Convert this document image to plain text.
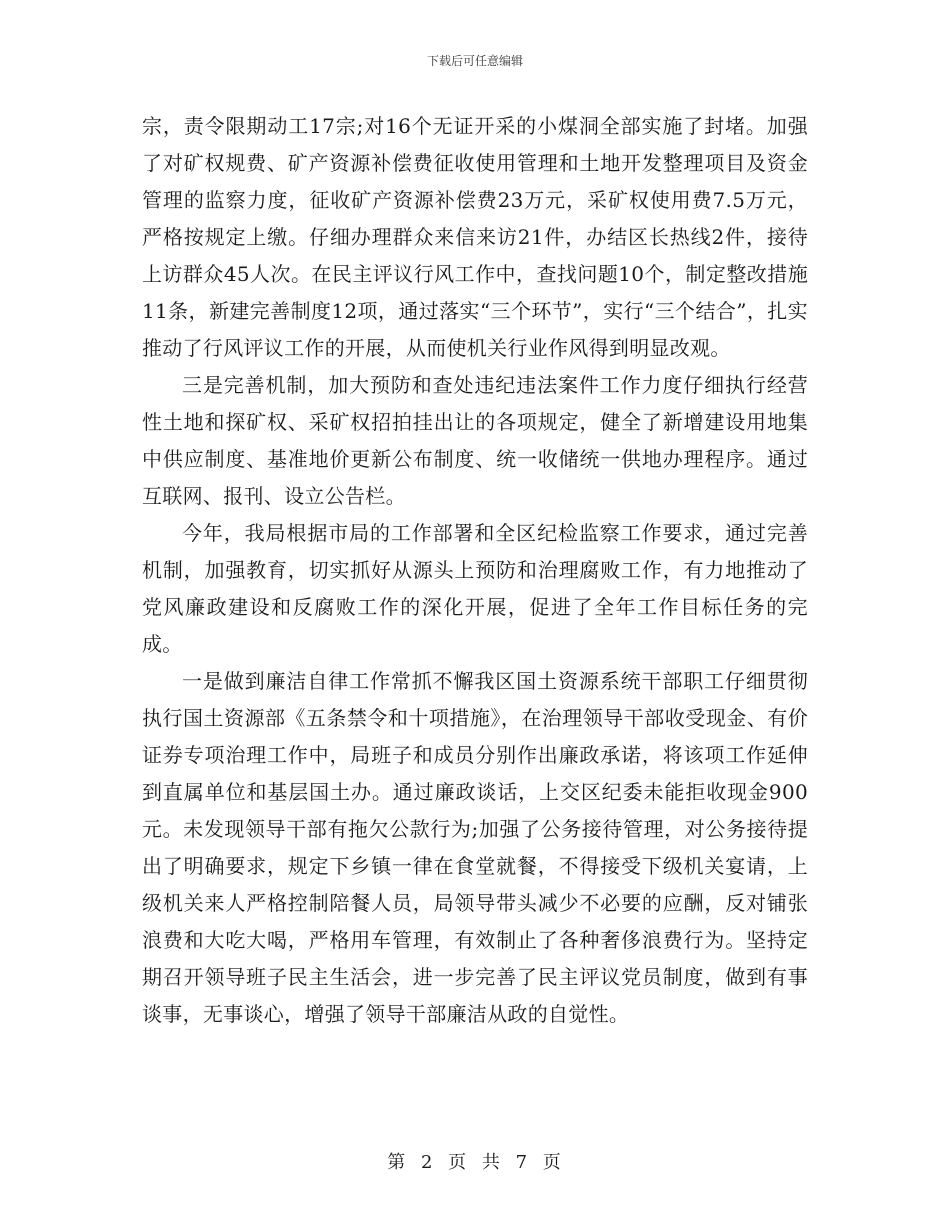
下载后可任意编辑

宗，责令限期动工17宗;对16个无证开采的小煤洞全部实施了封堵。加强了对矿权规费、矿产资源补偿费征收使用管理和土地开发整理项目及资金管理的监察力度，征收矿产资源补偿费23万元，采矿权使用费7.5万元，严格按规定上缴。仔细办理群众来信来访21件，办结区长热线2件，接待上访群众45人次。在民主评议行风工作中，查找问题10个，制定整改措施11条，新建完善制度12项，通过落实“三个环节”，实行“三个结合”，扎实推动了行风评议工作的开展，从而使机关行业作风得到明显改观。

三是完善机制，加大预防和查处违纪违法案件工作力度仔细执行经营性土地和探矿权、采矿权招拍挂出让的各项规定，健全了新增建设用地集中供应制度、基准地价更新公布制度、统一收储统一供地办理程序。通过互联网、报刊、设立公告栏。

今年，我局根据市局的工作部署和全区纪检监察工作要求，通过完善机制，加强教育，切实抓好从源头上预防和治理腐败工作，有力地推动了党风廉政建设和反腐败工作的深化开展，促进了全年工作目标任务的完成。

一是做到廉洁自律工作常抓不懈我区国土资源系统干部职工仔细贯彻执行国土资源部《五条禁令和十项措施》，在治理领导干部收受现金、有价证券专项治理工作中，局班子和成员分别作出廉政承诺，将该项工作延伸到直属单位和基层国土办。通过廉政谈话，上交区纪委未能拒收现金900元。未发现领导干部有拖欠公款行为;加强了公务接待管理，对公务接待提出了明确要求，规定下乡镇一律在食堂就餐，不得接受下级机关宴请，上级机关来人严格控制陪餐人员，局领导带头减少不必要的应酬，反对铺张浪费和大吃大喝，严格用车管理，有效制止了各种奢侈浪费行为。坚持定期召开领导班子民主生活会，进一步完善了民主评议党员制度，做到有事谈事，无事谈心，增强了领导干部廉洁从政的自觉性。

第 2 页 共 7 页
